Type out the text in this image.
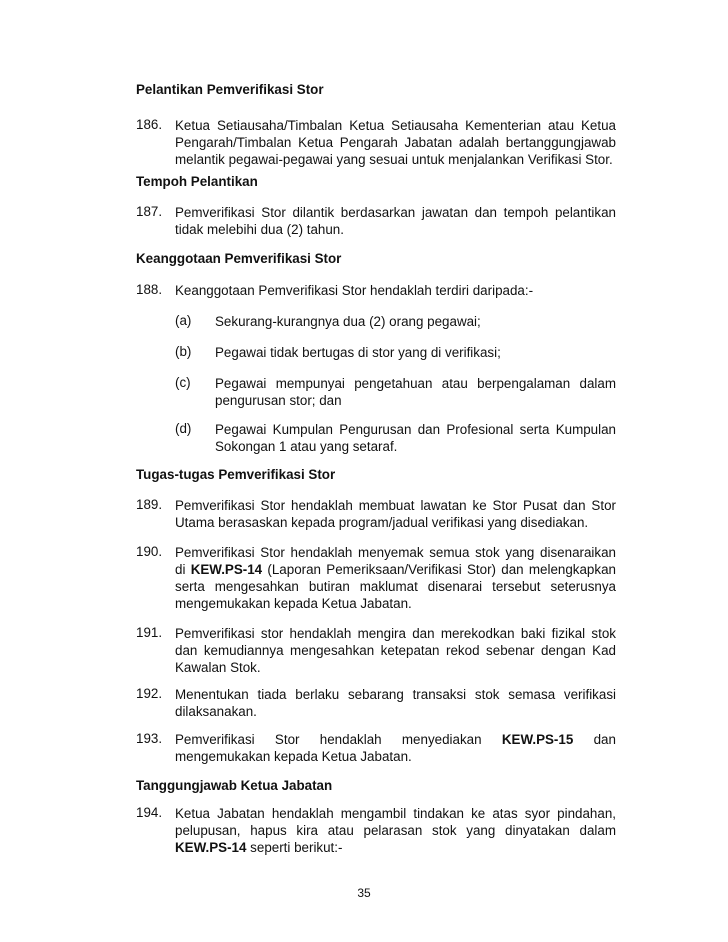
Pelantikan Pemverifikasi Stor
186. Ketua Setiausaha/Timbalan Ketua Setiausaha Kementerian atau Ketua Pengarah/Timbalan Ketua Pengarah Jabatan adalah bertanggungjawab melantik pegawai-pegawai yang sesuai untuk menjalankan Verifikasi Stor.
Tempoh Pelantikan
187. Pemverifikasi Stor dilantik berdasarkan jawatan dan tempoh pelantikan tidak melebihi dua (2) tahun.
Keanggotaan Pemverifikasi Stor
188. Keanggotaan Pemverifikasi Stor hendaklah terdiri daripada:-
(a) Sekurang-kurangnya dua (2) orang pegawai;
(b) Pegawai tidak bertugas di stor yang di verifikasi;
(c) Pegawai mempunyai pengetahuan atau berpengalaman dalam pengurusan stor; dan
(d) Pegawai Kumpulan Pengurusan dan Profesional serta Kumpulan Sokongan 1 atau yang setaraf.
Tugas-tugas Pemverifikasi Stor
189. Pemverifikasi Stor hendaklah membuat lawatan ke Stor Pusat dan Stor Utama berasaskan kepada program/jadual verifikasi yang disediakan.
190. Pemverifikasi Stor hendaklah menyemak semua stok yang disenaraikan di KEW.PS-14 (Laporan Pemeriksaan/Verifikasi Stor) dan melengkapkan serta mengesahkan butiran maklumat disenarai tersebut seterusnya mengemukakan kepada Ketua Jabatan.
191. Pemverifikasi stor hendaklah mengira dan merekodkan baki fizikal stok dan kemudiannya mengesahkan ketepatan rekod sebenar dengan Kad Kawalan Stok.
192. Menentukan tiada berlaku sebarang transaksi stok semasa verifikasi dilaksanakan.
193. Pemverifikasi Stor hendaklah menyediakan KEW.PS-15 dan
mengemukakan kepada Ketua Jabatan.
Tanggungjawab Ketua Jabatan
194. Ketua Jabatan hendaklah mengambil tindakan ke atas syor pindahan, pelupusan, hapus kira atau pelarasan stok yang dinyatakan dalam KEW.PS-14 seperti berikut:-
35
